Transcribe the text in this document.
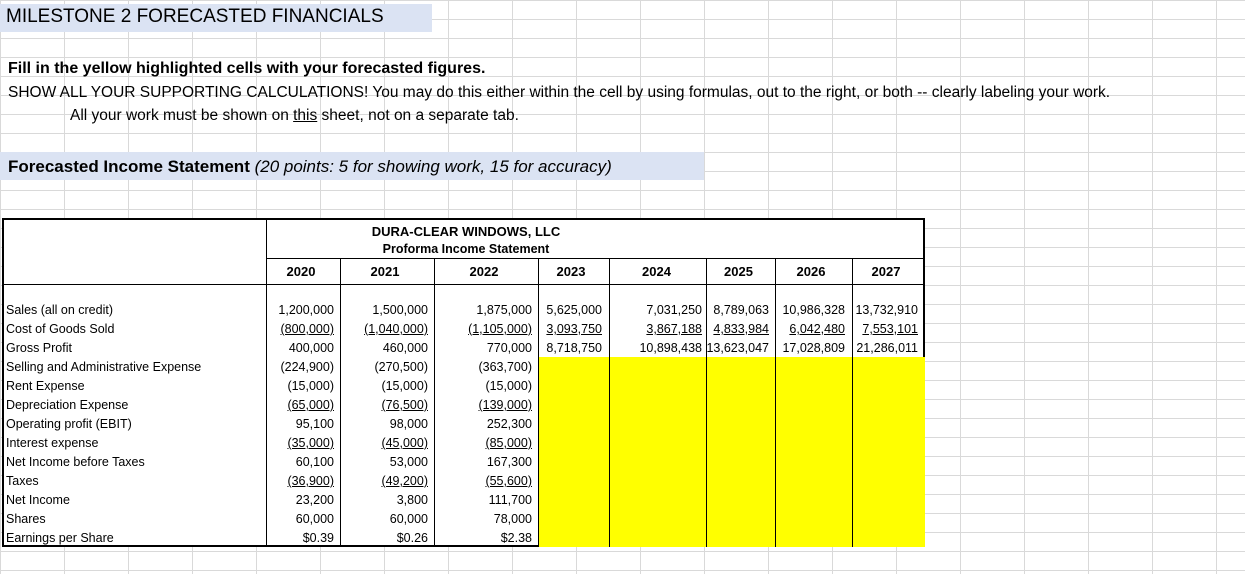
MILESTONE 2 FORECASTED FINANCIALS
Fill in the yellow highlighted cells with your forecasted figures.
SHOW ALL YOUR SUPPORTING CALCULATIONS! You may do this either within the cell by using formulas, out to the right, or both -- clearly labeling your work.
All your work must be shown on this sheet, not on a separate tab.
Forecasted Income Statement (20 points: 5 for showing work, 15 for accuracy)
DURA-CLEAR WINDOWS, LLC
Proforma Income Statement
2020	2021	2022	2023	2024	2025	2026	2027
Sales (all on credit)	1,200,000	1,500,000	1,875,000	5,625,000	7,031,250 8,789,063	10,986,328 13,732,910
Cost of Goods Sold	(800,000)	(1,040,000)	(1,105,000)	3,093,750	3,867,188 4,833,984	6,042,480	7,553,101
Gross Profit	400,000	460,000	770,000	8,718,750	10,898,438 13,623,047	17,028,809 21,286,011
Selling and Administrative Expense	(224,900)	(270,500)	(363,700)
Rent Expense	(15,000)	(15,000)	(15,000)
Depreciation Expense	(65,000)	(76,500)	(139,000)
Operating profit (EBIT)	95,100	98,000	252,300
Interest expense	(35,000)	(45,000)	(85,000)
Net Income before Taxes	60,100	53,000	167,300
Taxes	(36,900)	(49,200)	(55,600)
Net Income	23,200	3,800	111,700
Shares	60,000	60,000	78,000
Earnings per Share	$0.39	$0.26	$2.38
